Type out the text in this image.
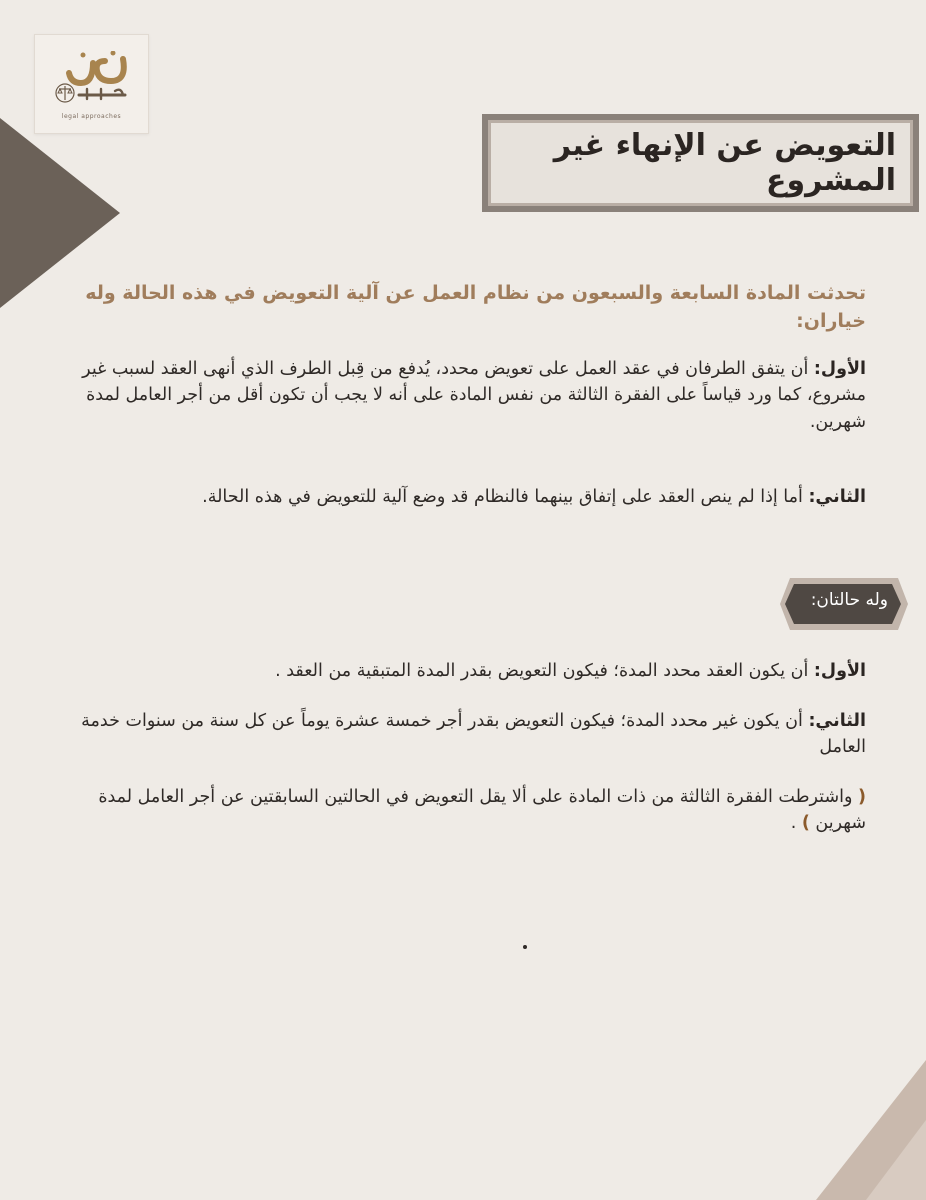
legal approaches
التعويض عن الإنهاء غير المشروع

تحدثت المادة السابعة والسبعون من نظام العمل عن آلية التعويض في هذه الحالة وله خياران:

الأول: أن يتفق الطرفان في عقد العمل على تعويض محدد، يُدفع من قِبل الطرف الذي أنهى العقد لسبب غير مشروع، كما ورد قياساً على الفقرة الثالثة من نفس المادة على أنه لا يجب أن تكون أقل من أجر العامل لمدة شهرين.

الثاني: أما إذا لم ينص العقد على إتفاق بينهما فالنظام قد وضع آلية للتعويض في هذه الحالة.

وله حالتان:

الأول: أن يكون العقد محدد المدة؛ فيكون التعويض بقدر المدة المتبقية من العقد .

الثاني: أن يكون غير محدد المدة؛ فيكون التعويض بقدر أجر خمسة عشرة يوماً عن كل سنة من سنوات خدمة العامل

( واشترطت الفقرة الثالثة من ذات المادة على ألا يقل التعويض في الحالتين السابقتين عن أجر العامل لمدة شهرين ) .
